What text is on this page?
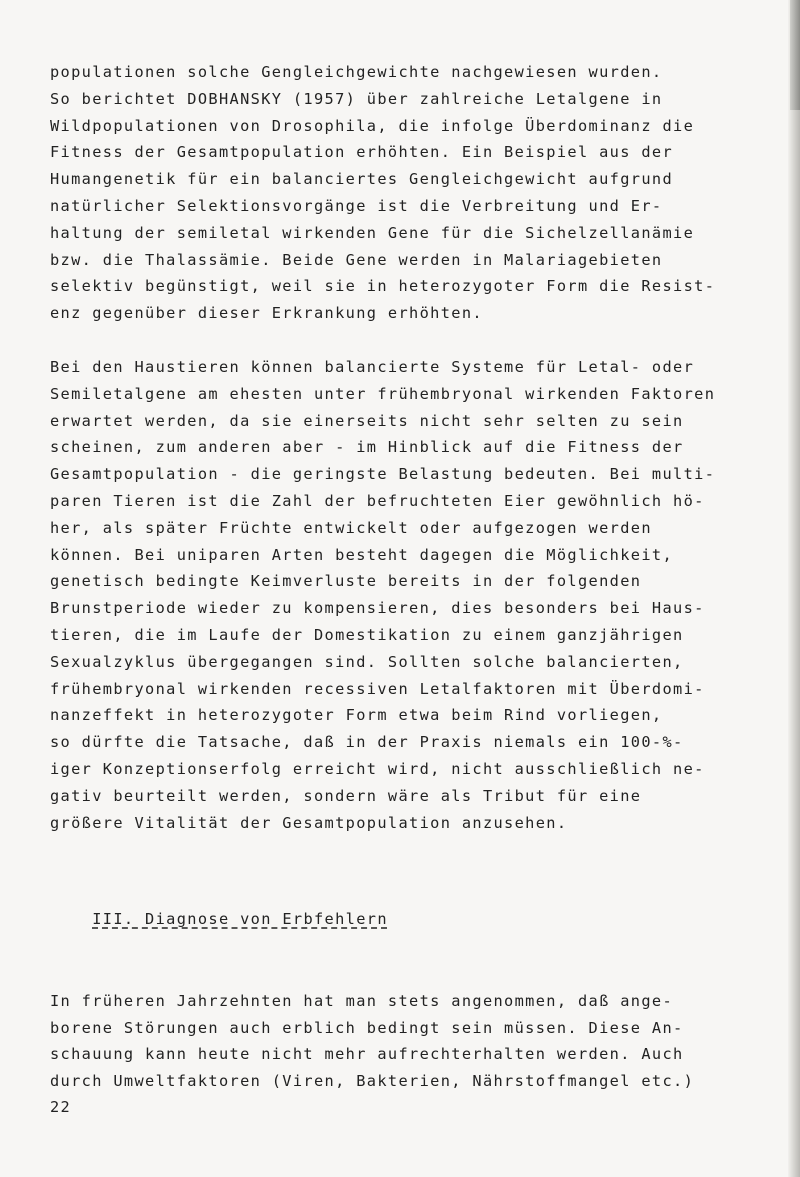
populationen solche Gengleichgewichte nachgewiesen wurden.
So berichtet DOBHANSKY (1957) über zahlreiche Letalgene in
Wildpopulationen von Drosophila, die infolge Überdominanz die
Fitness der Gesamtpopulation erhöhten. Ein Beispiel aus der
Humangenetik für ein balanciertes Gengleichgewicht aufgrund
natürlicher Selektionsvorgänge ist die Verbreitung und Er-
haltung der semiletal wirkenden Gene für die Sichelzellanämie
bzw. die Thalassämie. Beide Gene werden in Malariagebieten
selektiv begünstigt, weil sie in heterozygoter Form die Resist-
enz gegenüber dieser Erkrankung erhöhten.

Bei den Haustieren können balancierte Systeme für Letal- oder
Semiletalgene am ehesten unter frühembryonal wirkenden Faktoren
erwartet werden, da sie einerseits nicht sehr selten zu sein
scheinen, zum anderen aber - im Hinblick auf die Fitness der
Gesamtpopulation - die geringste Belastung bedeuten. Bei multi-
paren Tieren ist die Zahl der befruchteten Eier gewöhnlich hö-
her, als später Früchte entwickelt oder aufgezogen werden
können. Bei uniparen Arten besteht dagegen die Möglichkeit,
genetisch bedingte Keimverluste bereits in der folgenden
Brunstperiode wieder zu kompensieren, dies besonders bei Haus-
tieren, die im Laufe der Domestikation zu einem ganzjährigen
Sexualzyklus übergegangen sind. Sollten solche balancierten,
frühembryonal wirkenden recessiven Letalfaktoren mit Überdomi-
nanzeffekt in heterozygoter Form etwa beim Rind vorliegen,
so dürfte die Tatsache, daß in der Praxis niemals ein 100-%-
iger Konzeptionserfolg erreicht wird, nicht ausschließlich ne-
gativ beurteilt werden, sondern wäre als Tribut für eine
größere Vitalität der Gesamtpopulation anzusehen.

III. Diagnose von Erbfehlern

In früheren Jahrzehnten hat man stets angenommen, daß ange-
borene Störungen auch erblich bedingt sein müssen. Diese An-
schauung kann heute nicht mehr aufrechterhalten werden. Auch
durch Umweltfaktoren (Viren, Bakterien, Nährstoffmangel etc.)

22
